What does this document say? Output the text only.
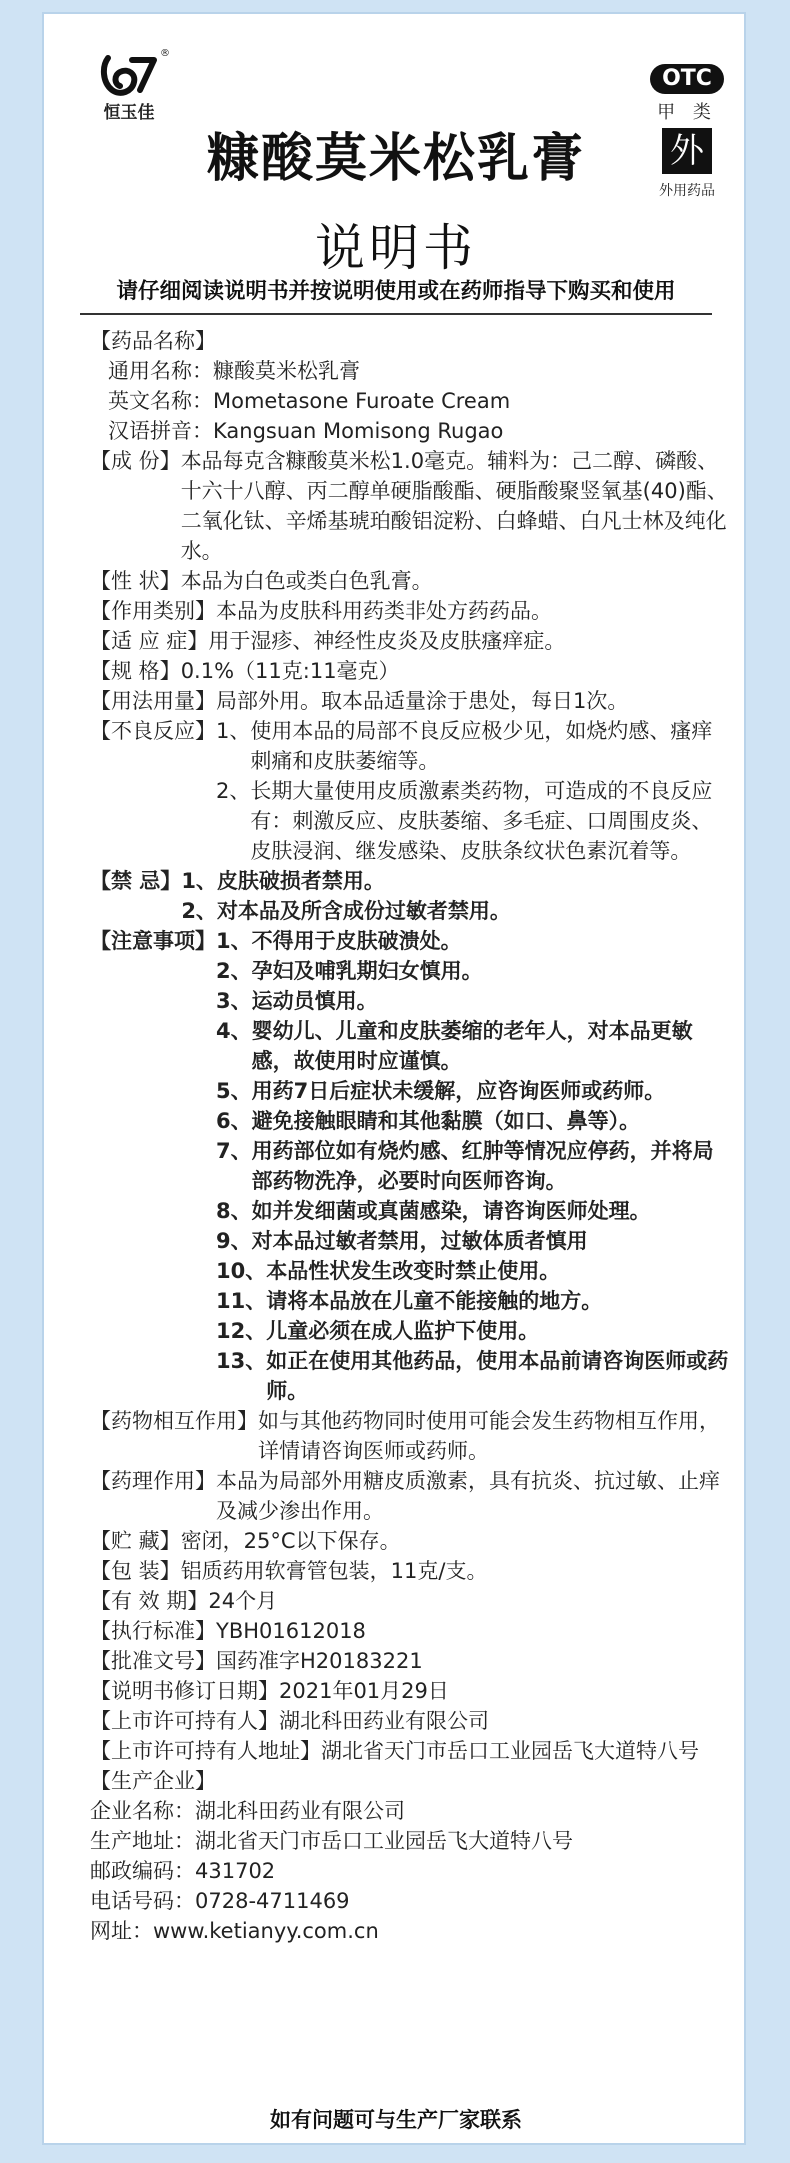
®
恒玉佳
糠酸莫米松乳膏
说明书
OTC
甲 类
外
外用药品
请仔细阅读说明书并按说明使用或在药师指导下购买和使用
【药品名称】
通用名称： 糠酸莫米松乳膏
英文名称： Mometasone Furoate Cream
汉语拼音： Kangsuan Momisong Rugao
【成 份】 本品每克含糠酸莫米松1.0毫克。辅料为：己二醇、磷酸、十六十八醇、丙二醇单硬脂酸酯、硬脂酸聚竖氧基(40)酯、二氧化钛、辛烯基琥珀酸铝淀粉、白蜂蜡、白凡士林及纯化水。
【性 状】 本品为白色或类白色乳膏。
【作用类别】 本品为皮肤科用药类非处方药药品。
【适 应 症】 用于湿疹、神经性皮炎及皮肤瘙痒症。
【规 格】 0.1%（11克:11毫克）
【用法用量】 局部外用。取本品适量涂于患处，每日1次。
【不良反应】 1、 使用本品的局部不良反应极少见，如烧灼感、瘙痒刺痛和皮肤萎缩等。
2、 长期大量使用皮质激素类药物，可造成的不良反应有：刺激反应、皮肤萎缩、多毛症、口周围皮炎、皮肤浸润、继发感染、皮肤条纹状色素沉着等。
【禁 忌】 1、 皮肤破损者禁用。
2、 对本品及所含成份过敏者禁用。
【注意事项】 1、 不得用于皮肤破溃处。
2、 孕妇及哺乳期妇女慎用。
3、 运动员慎用。
4、 婴幼儿、儿童和皮肤萎缩的老年人，对本品更敏感，故使用时应谨慎。
5、 用药7日后症状未缓解，应咨询医师或药师。
6、 避免接触眼睛和其他黏膜（如口、鼻等）。
7、 用药部位如有烧灼感、红肿等情况应停药，并将局部药物洗净，必要时向医师咨询。
8、 如并发细菌或真菌感染，请咨询医师处理。
9、 对本品过敏者禁用，过敏体质者慎用
10、 本品性状发生改变时禁止使用。
11、 请将本品放在儿童不能接触的地方。
12、 儿童必须在成人监护下使用。
13、 如正在使用其他药品，使用本品前请咨询医师或药师。
【药物相互作用】 如与其他药物同时使用可能会发生药物相互作用，详情请咨询医师或药师。
【药理作用】 本品为局部外用糖皮质激素，具有抗炎、抗过敏、止痒及减少渗出作用。
【贮 藏】 密闭，25°C以下保存。
【包 装】 铝质药用软膏管包装，11克/支。
【有 效 期】 24个月
【执行标准】 YBH01612018
【批准文号】 国药准字H20183221
【说明书修订日期】 2021年01月29日
【上市许可持有人】 湖北科田药业有限公司
【上市许可持有人地址】 湖北省天门市岳口工业园岳飞大道特八号
【生产企业】
企业名称： 湖北科田药业有限公司
生产地址： 湖北省天门市岳口工业园岳飞大道特八号
邮政编码： 431702
电话号码： 0728-4711469
网址： www.ketianyy.com.cn
如有问题可与生产厂家联系
